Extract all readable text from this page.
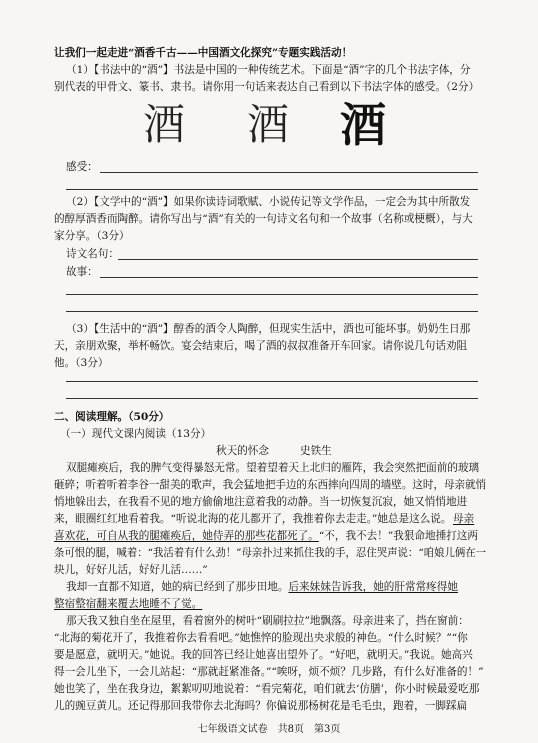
让我们一起走进“酒香千古——中国酒文化探究”专题实践活动！
（1）【书法中的“酒”】书法是中国的一种传统艺术。下面是“酒”字的几个书法字体，分
别代表的甲骨文、篆书、隶书。请你用一句话来表达自己看到以下书法字体的感受。（2分）
酒 酒 酒
感受：
（2）【文学中的“酒”】如果你读诗词歌赋、小说传记等文学作品，一定会为其中所散发
的醇厚酒香而陶醉。请你写出与“酒”有关的一句诗文名句和一个故事（名称或梗概），与大
家分享。（3分）
诗文名句：
故事：
（3）【生活中的“酒”】醇香的酒令人陶醉，但现实生活中，酒也可能坏事。奶奶生日那
天，亲朋欢聚，举杯畅饮。宴会结束后，喝了酒的叔叔准备开车回家。请你说几句话劝阻
他。（3分）
二、阅读理解。（50分）
（一）现代文课内阅读（13分）
秋天的怀念	史铁生
双腿瘫痪后，我的脾气变得暴怒无常。望着望着天上北归的雁阵，我会突然把面前的玻璃
砸碎；听着听着李谷一甜美的歌声，我会猛地把手边的东西摔向四周的墙壁。这时，母亲就悄
悄地躲出去，在我看不见的地方偷偷地注意着我的动静。当一切恢复沉寂，她又悄悄地进
来，眼圈红红地看着我。“听说北海的花儿都开了，我推着你去走走。”她总是这么说。 母亲
喜欢花，可自从我的腿瘫痪后，她侍弄的那些花都死了。“不，我不去！”我狠命地捶打这两
条可恨的腿，喊着：“我活着有什么劲！”母亲扑过来抓住我的手，忍住哭声说：“咱娘儿俩在一
块儿，好好儿活，好好儿活……”
我却一直都不知道，她的病已经到了那步田地。后来妹妹告诉我，她的肝常常疼得她
整宿整宿翻来覆去地睡不了觉。
那天我又独自坐在屋里，看着窗外的树叶“刷刷拉拉”地飘落。母亲进来了，挡在窗前：
“北海的菊花开了，我推着你去看看吧。”她憔悴的脸现出央求般的神色。“什么时候？”“你
要是愿意，就明天。”她说。我的回答已经让她喜出望外了。“好吧，就明天。”我说。她高兴
得一会儿坐下，一会儿站起：“那就赶紧准备。”“唉呀，烦不烦？几步路，有什么好准备的！”
她也笑了，坐在我身边，絮絮叨叨地说着：“看完菊花，咱们就去‘仿膳’，你小时候最爱吃那
儿的豌豆黄儿。还记得那回我带你去北海吗？你偏说那杨树花是毛毛虫，跑着，一脚踩扁
七年级语文试卷　共8页　第3页
